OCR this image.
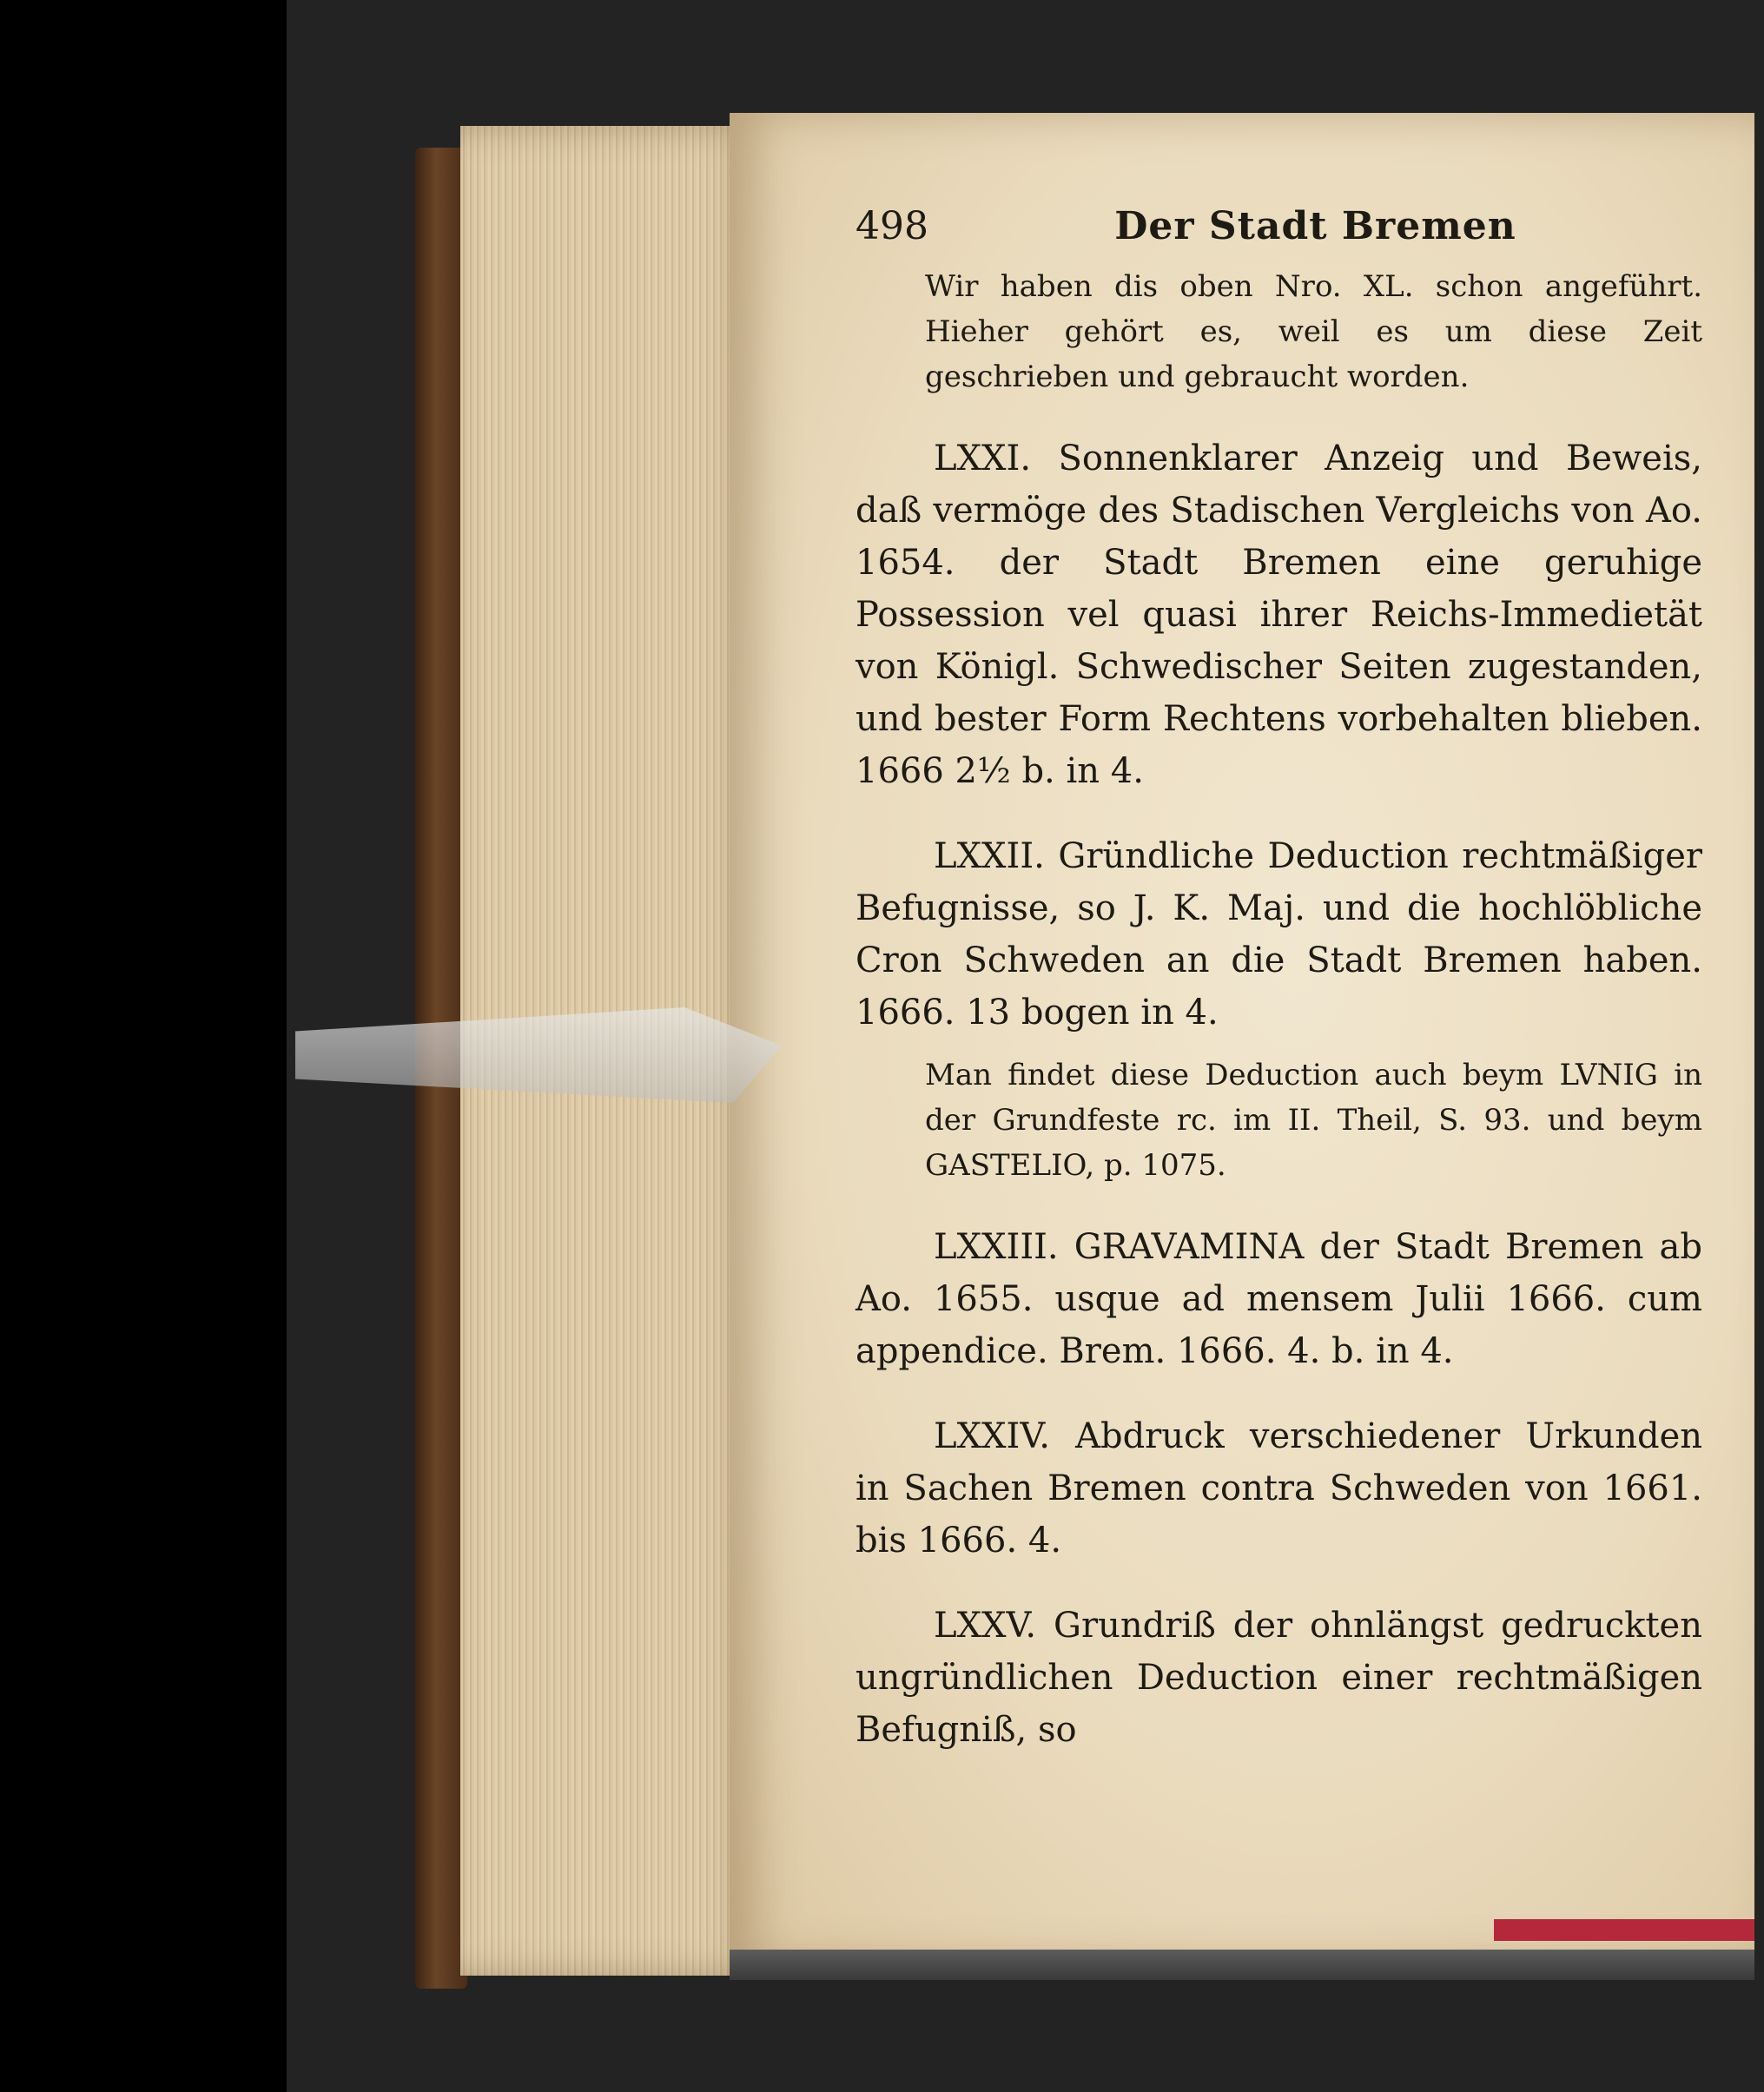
498	Der Stadt Bremen
Wir haben dis oben Nro. XL. schon angeführt. Hieher gehört es, weil es um diese Zeit geschrieben und gebraucht worden.
LXXI. Sonnenklarer Anzeig und Beweis, daß vermöge des Stadischen Vergleichs von Ao. 1654. der Stadt Bremen eine geruhige Possession vel quasi ihrer Reichs-Immedietät von Königl. Schwedischer Seiten zugestanden, und bester Form Rechtens vorbehalten blieben. 1666 2½ b. in 4.
LXXII. Gründliche Deduction rechtmäßiger Befugnisse, so J. K. Maj. und die hochlöbliche Cron Schweden an die Stadt Bremen haben. 1666. 13 bogen in 4.
Man findet diese Deduction auch beym LVNIG in der Grundfeste rc. im II. Theil, S. 93. und beym GASTELIO, p. 1075.
LXXIII. GRAVAMINA der Stadt Bremen ab Ao. 1655. usque ad mensem Julii 1666. cum appendice. Brem. 1666. 4. b. in 4.
LXXIV. Abdruck verschiedener Urkunden in Sachen Bremen contra Schweden von 1661. bis 1666. 4.
LXXV. Grundriß der ohnlängst gedruckten ungründlichen Deduction einer rechtmäßigen Befugniß, so
